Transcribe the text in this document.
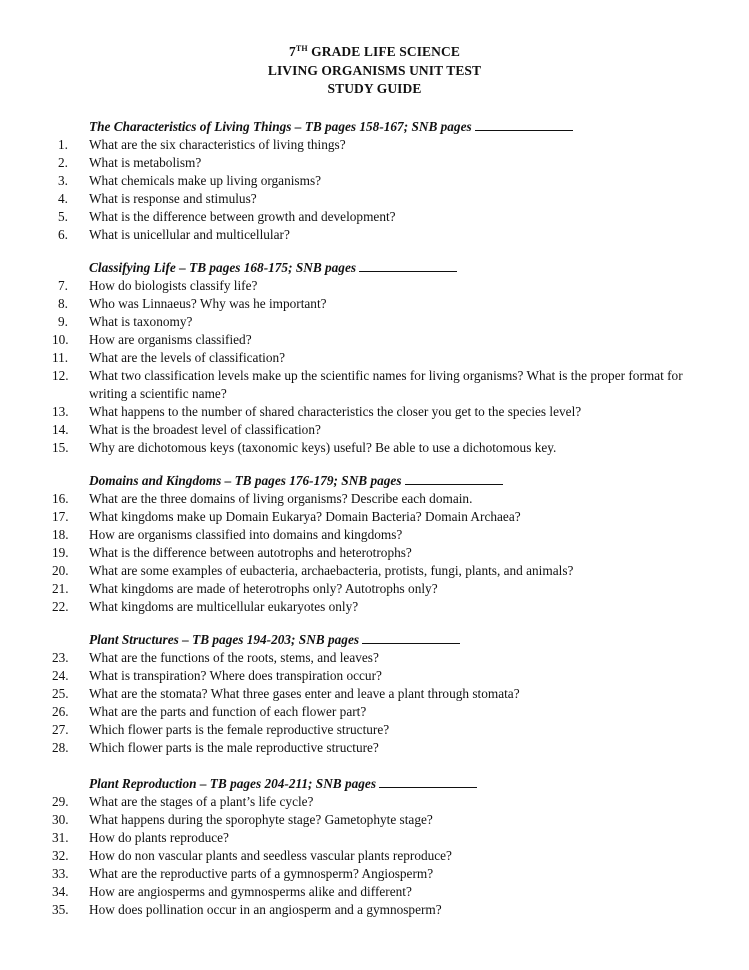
7TH GRADE LIFE SCIENCE
LIVING ORGANISMS UNIT TEST
STUDY GUIDE
The Characteristics of Living Things – TB pages 158-167; SNB pages
1.	What are the six characteristics of living things?
2.	What is metabolism?
3.	What chemicals make up living organisms?
4.	What is response and stimulus?
5.	What is the difference between growth and development?
6.	What is unicellular and multicellular?
Classifying Life – TB pages 168-175; SNB pages
7.	How do biologists classify life?
8.	Who was Linnaeus? Why was he important?
9.	What is taxonomy?
10.	How are organisms classified?
11.	What are the levels of classification?
12.	What two classification levels make up the scientific names for living organisms? What is the proper format for writing a scientific name?
13.	What happens to the number of shared characteristics the closer you get to the species level?
14.	What is the broadest level of classification?
15.	Why are dichotomous keys (taxonomic keys) useful? Be able to use a dichotomous key.
Domains and Kingdoms – TB pages 176-179; SNB pages
16.	What are the three domains of living organisms? Describe each domain.
17.	What kingdoms make up Domain Eukarya? Domain Bacteria? Domain Archaea?
18.	How are organisms classified into domains and kingdoms?
19.	What is the difference between autotrophs and heterotrophs?
20.	What are some examples of eubacteria, archaebacteria, protists, fungi, plants, and animals?
21.	What kingdoms are made of heterotrophs only? Autotrophs only?
22.	What kingdoms are multicellular eukaryotes only?
Plant Structures – TB pages 194-203; SNB pages
23.	What are the functions of the roots, stems, and leaves?
24.	What is transpiration? Where does transpiration occur?
25.	What are the stomata? What three gases enter and leave a plant through stomata?
26.	What are the parts and function of each flower part?
27.	Which flower parts is the female reproductive structure?
28.	Which flower parts is the male reproductive structure?
Plant Reproduction – TB pages 204-211; SNB pages
29.	What are the stages of a plant’s life cycle?
30.	What happens during the sporophyte stage? Gametophyte stage?
31.	How do plants reproduce?
32.	How do non vascular plants and seedless vascular plants reproduce?
33.	What are the reproductive parts of a gymnosperm? Angiosperm?
34.	How are angiosperms and gymnosperms alike and different?
35.	How does pollination occur in an angiosperm and a gymnosperm?
